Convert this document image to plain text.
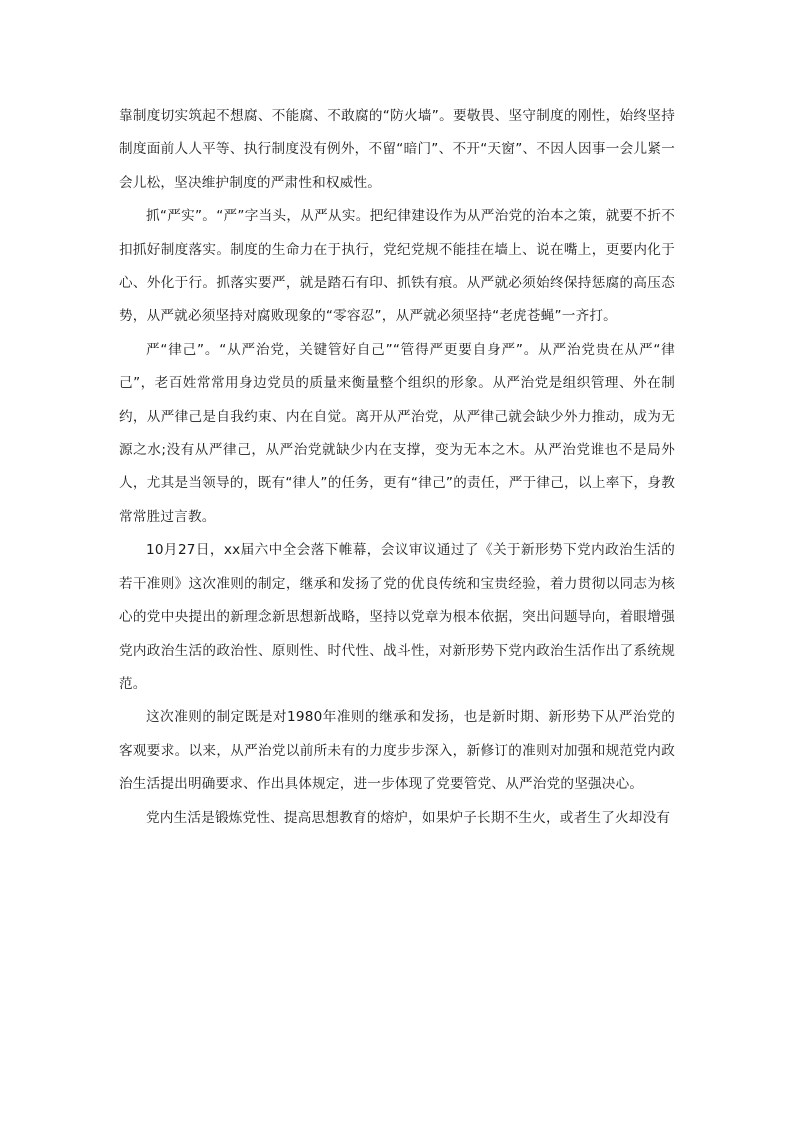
靠制度切实筑起不想腐、不能腐、不敢腐的“防火墙”。要敬畏、坚守制度的刚性，始终坚持制度面前人人平等、执行制度没有例外，不留“暗门”、不开“天窗”、不因人因事一会儿紧一会儿松，坚决维护制度的严肃性和权威性。

抓“严实”。“严”字当头，从严从实。把纪律建设作为从严治党的治本之策，就要不折不扣抓好制度落实。制度的生命力在于执行，党纪党规不能挂在墙上、说在嘴上，更要内化于心、外化于行。抓落实要严，就是踏石有印、抓铁有痕。从严就必须始终保持惩腐的高压态势，从严就必须坚持对腐败现象的“零容忍”，从严就必须坚持“老虎苍蝇”一齐打。

严“律己”。“从严治党，关键管好自己”“管得严更要自身严”。从严治党贵在从严“律己”，老百姓常常用身边党员的质量来衡量整个组织的形象。从严治党是组织管理、外在制约，从严律己是自我约束、内在自觉。离开从严治党，从严律己就会缺少外力推动，成为无源之水;没有从严律己，从严治党就缺少内在支撑，变为无本之木。从严治党谁也不是局外人，尤其是当领导的，既有“律人”的任务，更有“律己”的责任，严于律己，以上率下，身教常常胜过言教。

10月27日，xx届六中全会落下帷幕，会议审议通过了《关于新形势下党内政治生活的若干准则》这次准则的制定，继承和发扬了党的优良传统和宝贵经验，着力贯彻以同志为核心的党中央提出的新理念新思想新战略，坚持以党章为根本依据，突出问题导向，着眼增强党内政治生活的政治性、原则性、时代性、战斗性，对新形势下党内政治生活作出了系统规范。

这次准则的制定既是对1980年准则的继承和发扬，也是新时期、新形势下从严治党的客观要求。以来，从严治党以前所未有的力度步步深入，新修订的准则对加强和规范党内政治生活提出明确要求、作出具体规定，进一步体现了党要管党、从严治党的坚强决心。

党内生活是锻炼党性、提高思想教育的熔炉，如果炉子长期不生火，或者生了火却没有
